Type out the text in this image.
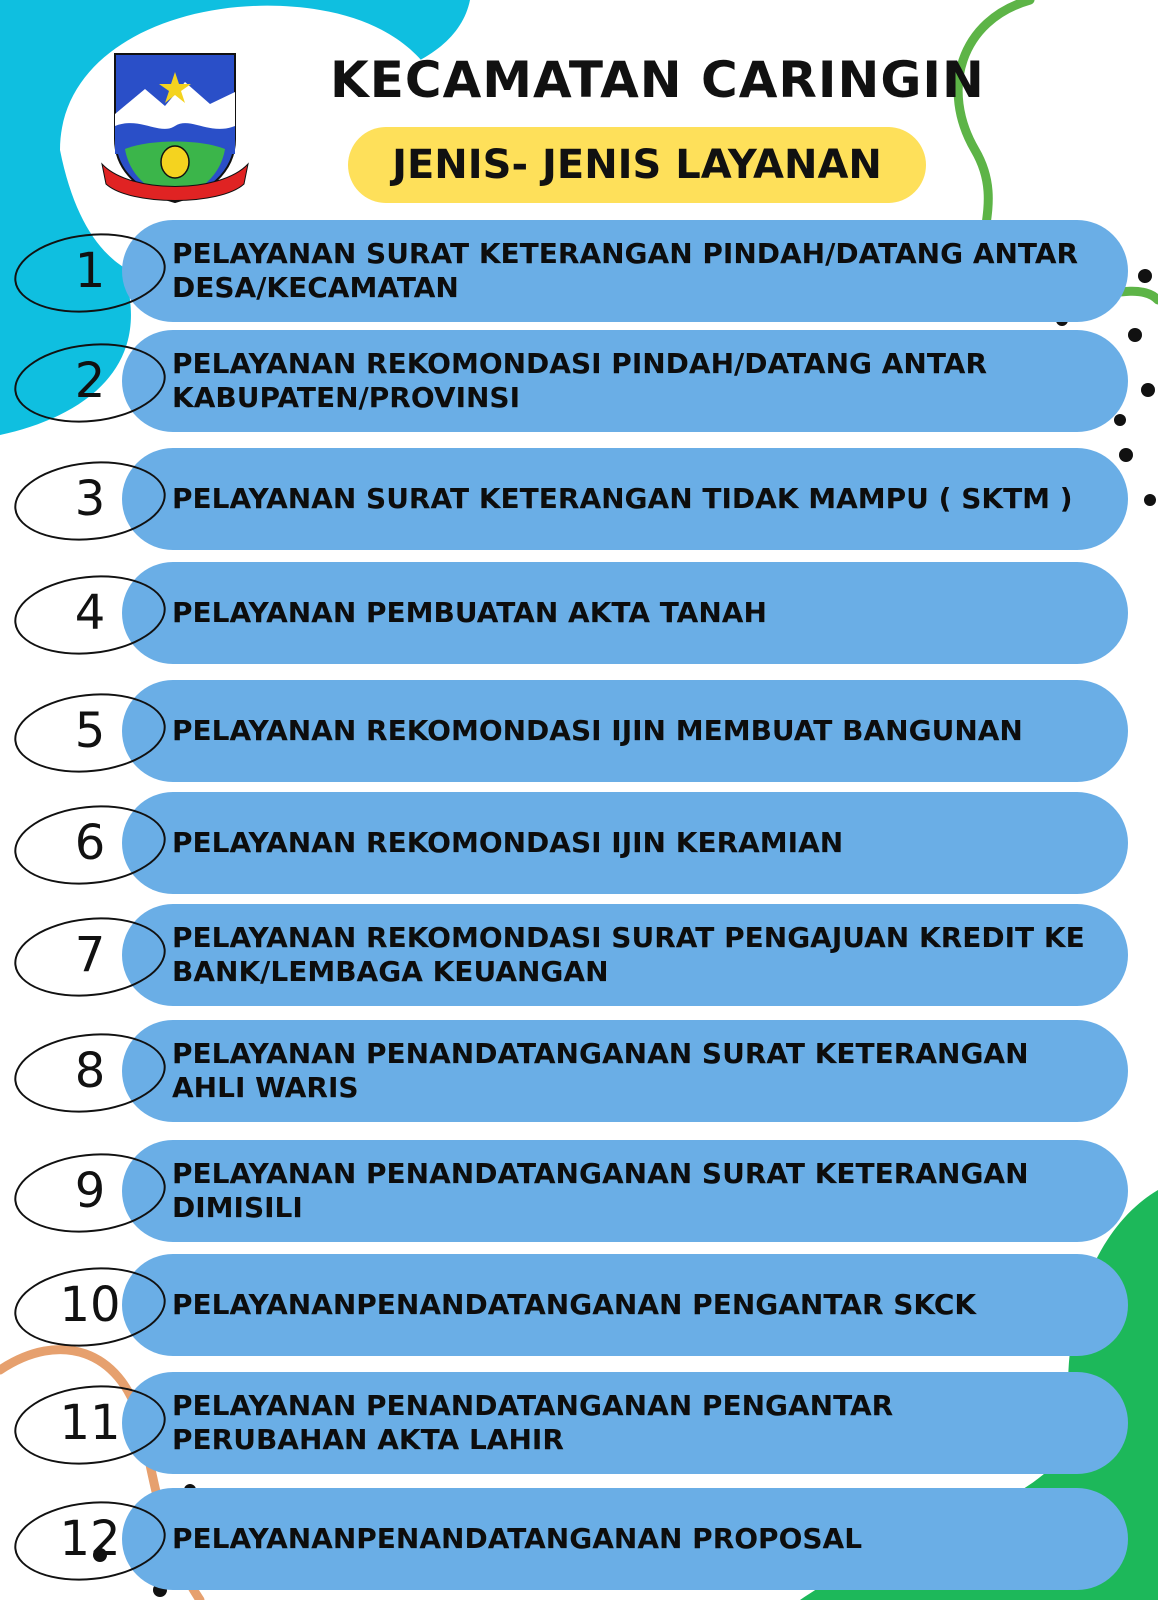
KECAMATAN CARINGIN
JENIS- JENIS LAYANAN
PELAYANAN SURAT KETERANGAN PINDAH/DATANG ANTAR DESA/KECAMATAN
1
PELAYANAN REKOMONDASI PINDAH/DATANG ANTAR KABUPATEN/PROVINSI
2
PELAYANAN SURAT KETERANGAN TIDAK MAMPU ( SKTM )
3
PELAYANAN PEMBUATAN AKTA TANAH
4
PELAYANAN REKOMONDASI IJIN MEMBUAT BANGUNAN
5
PELAYANAN REKOMONDASI IJIN KERAMIAN
6
PELAYANAN REKOMONDASI SURAT PENGAJUAN KREDIT KE BANK/LEMBAGA KEUANGAN
7
PELAYANAN PENANDATANGANAN SURAT KETERANGAN AHLI WARIS
8
PELAYANAN PENANDATANGANAN SURAT KETERANGAN DIMISILI
9
PELAYANANPENANDATANGANAN PENGANTAR SKCK
10
PELAYANAN PENANDATANGANAN PENGANTAR PERUBAHAN AKTA LAHIR
11
PELAYANANPENANDATANGANAN PROPOSAL
12
